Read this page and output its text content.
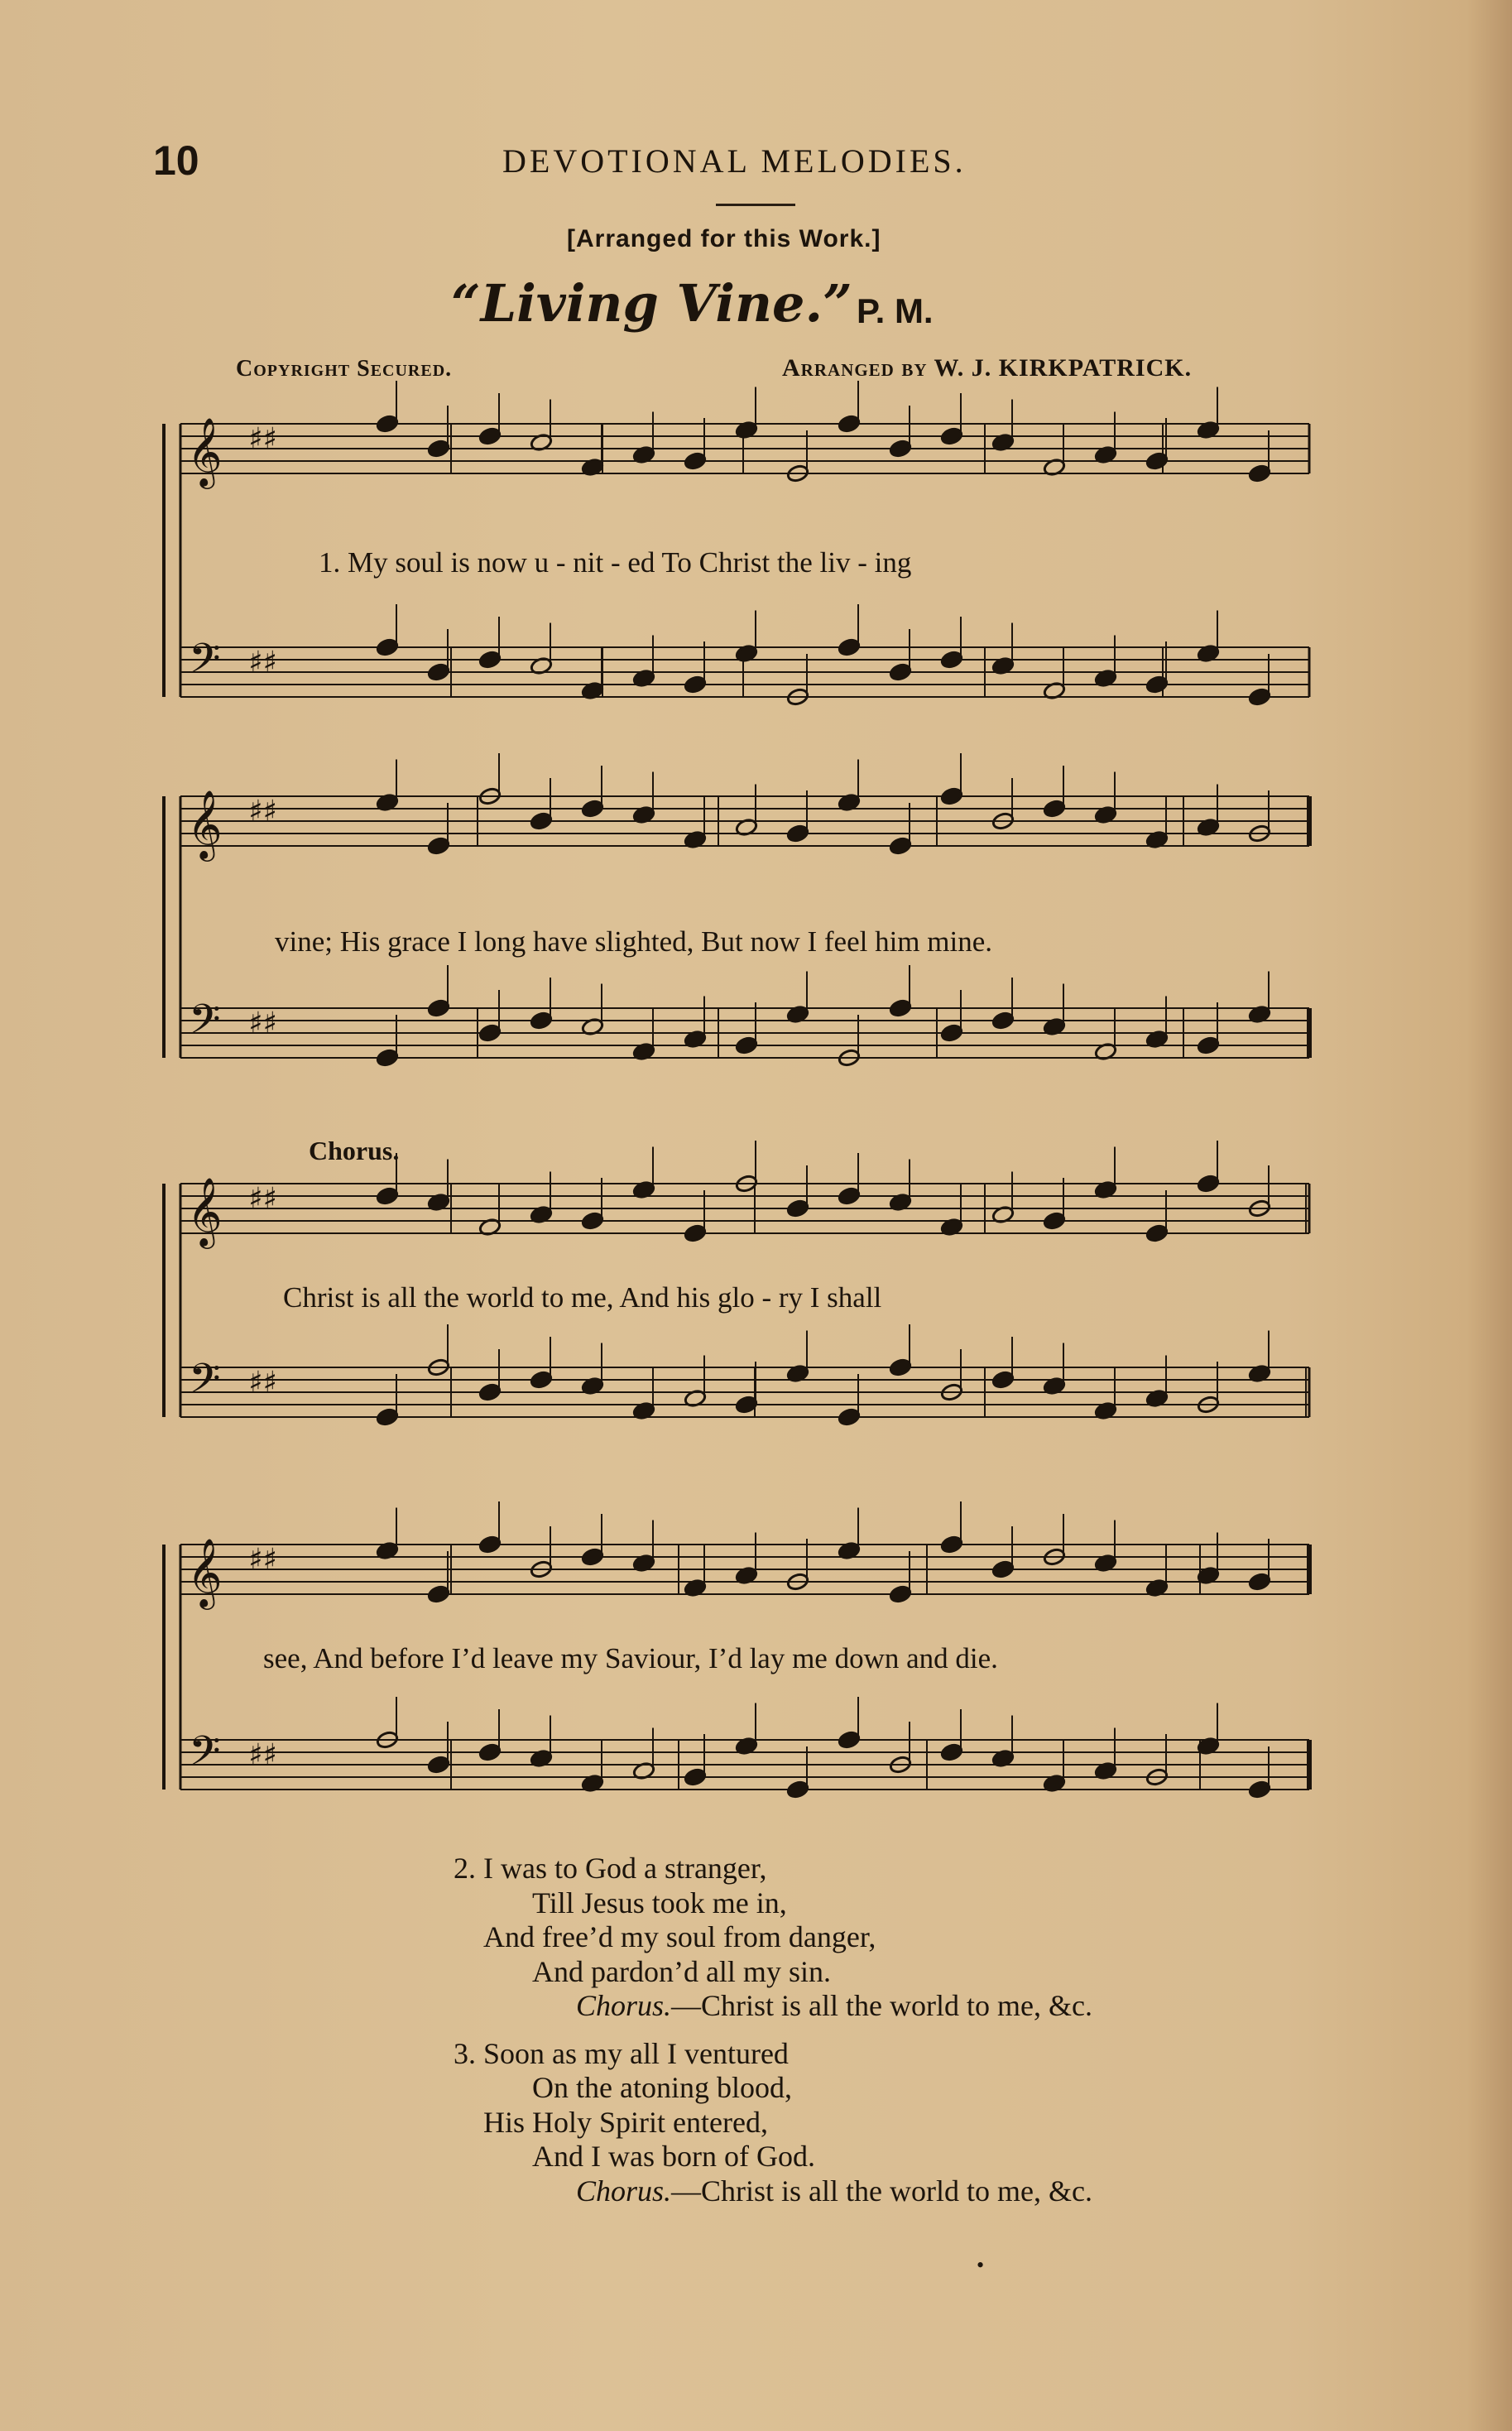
10	DEVOTIONAL MELODIES.
[Arranged for this Work.]
“Living Vine.” P. M.
Copyright Secured.	Arranged by W. J. KIRKPATRICK.
𝄞
𝄢
♯♯
♯♯
𝄞
𝄢
♯♯
♯♯
𝄞
𝄢
♯♯
♯♯
𝄞
𝄢
♯♯
♯♯
1. My soul is now u - nit - ed To Christ the liv - ing
vine; His grace I long have slighted, But now I feel him mine.
Chorus.
Christ is all the world to me, And his glo - ry I shall
see, And before I’d leave my Saviour, I’d lay me down and die.
2. I was to God a stranger,
Till Jesus took me in,
And free’d my soul from danger,
And pardon’d all my sin.
Chorus.—Christ is all the world to me, &c.
3. Soon as my all I ventured
On the atoning blood,
His Holy Spirit entered,
And I was born of God.
Chorus.—Christ is all the world to me, &c.
•
